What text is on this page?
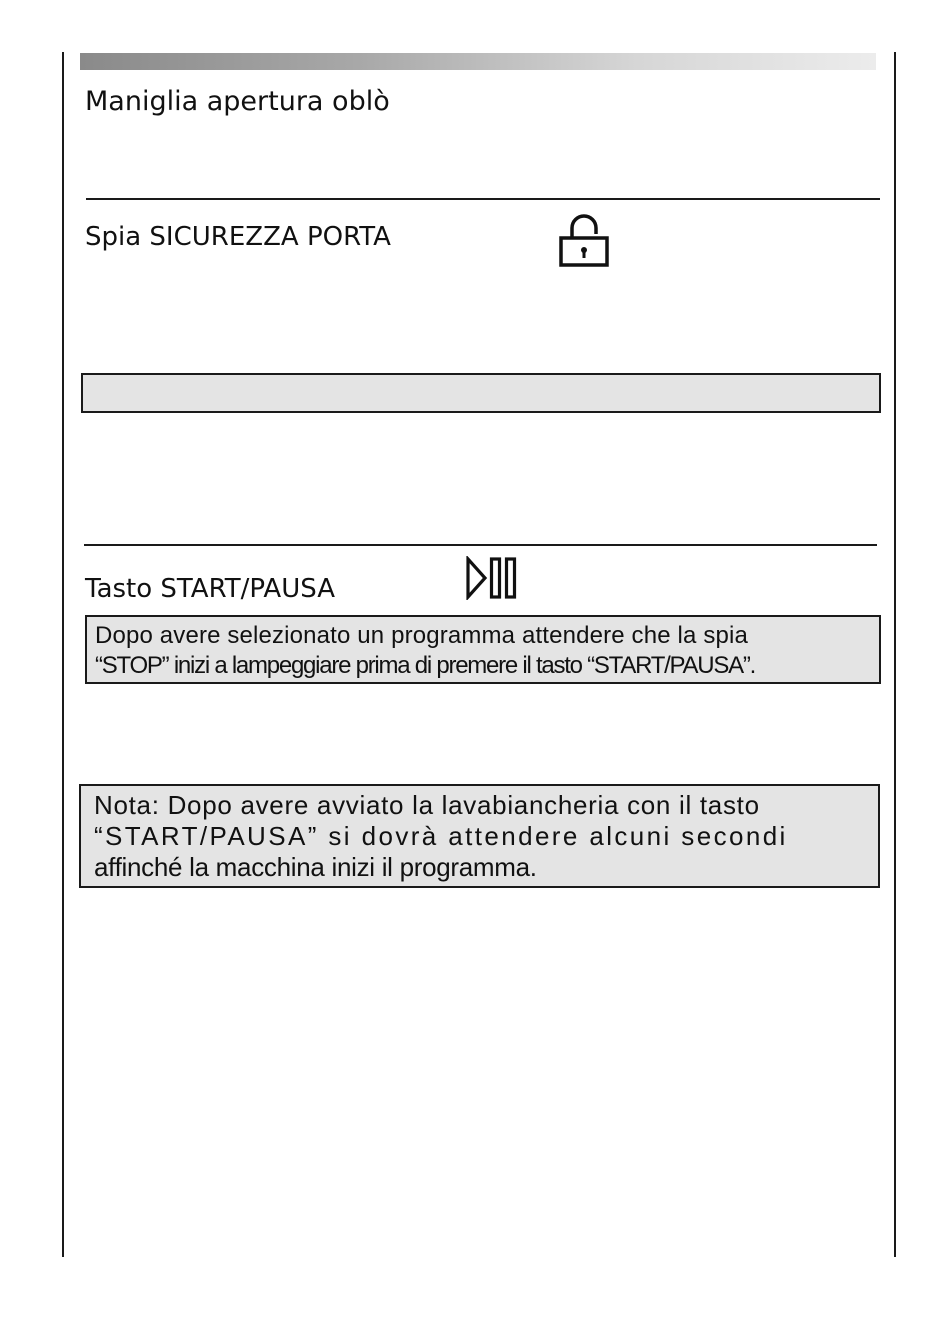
Maniglia apertura oblò
Spia SICUREZZA PORTA
Tasto START/PAUSA
Dopo avere selezionato un programma attendere che la spia
“STOP” inizi a lampeggiare prima di premere il tasto “START/PAUSA”.
Nota: Dopo avere avviato la lavabiancheria con il tasto
“START/PAUSA” si dovrà attendere alcuni secondi
affinché la macchina inizi il programma.
